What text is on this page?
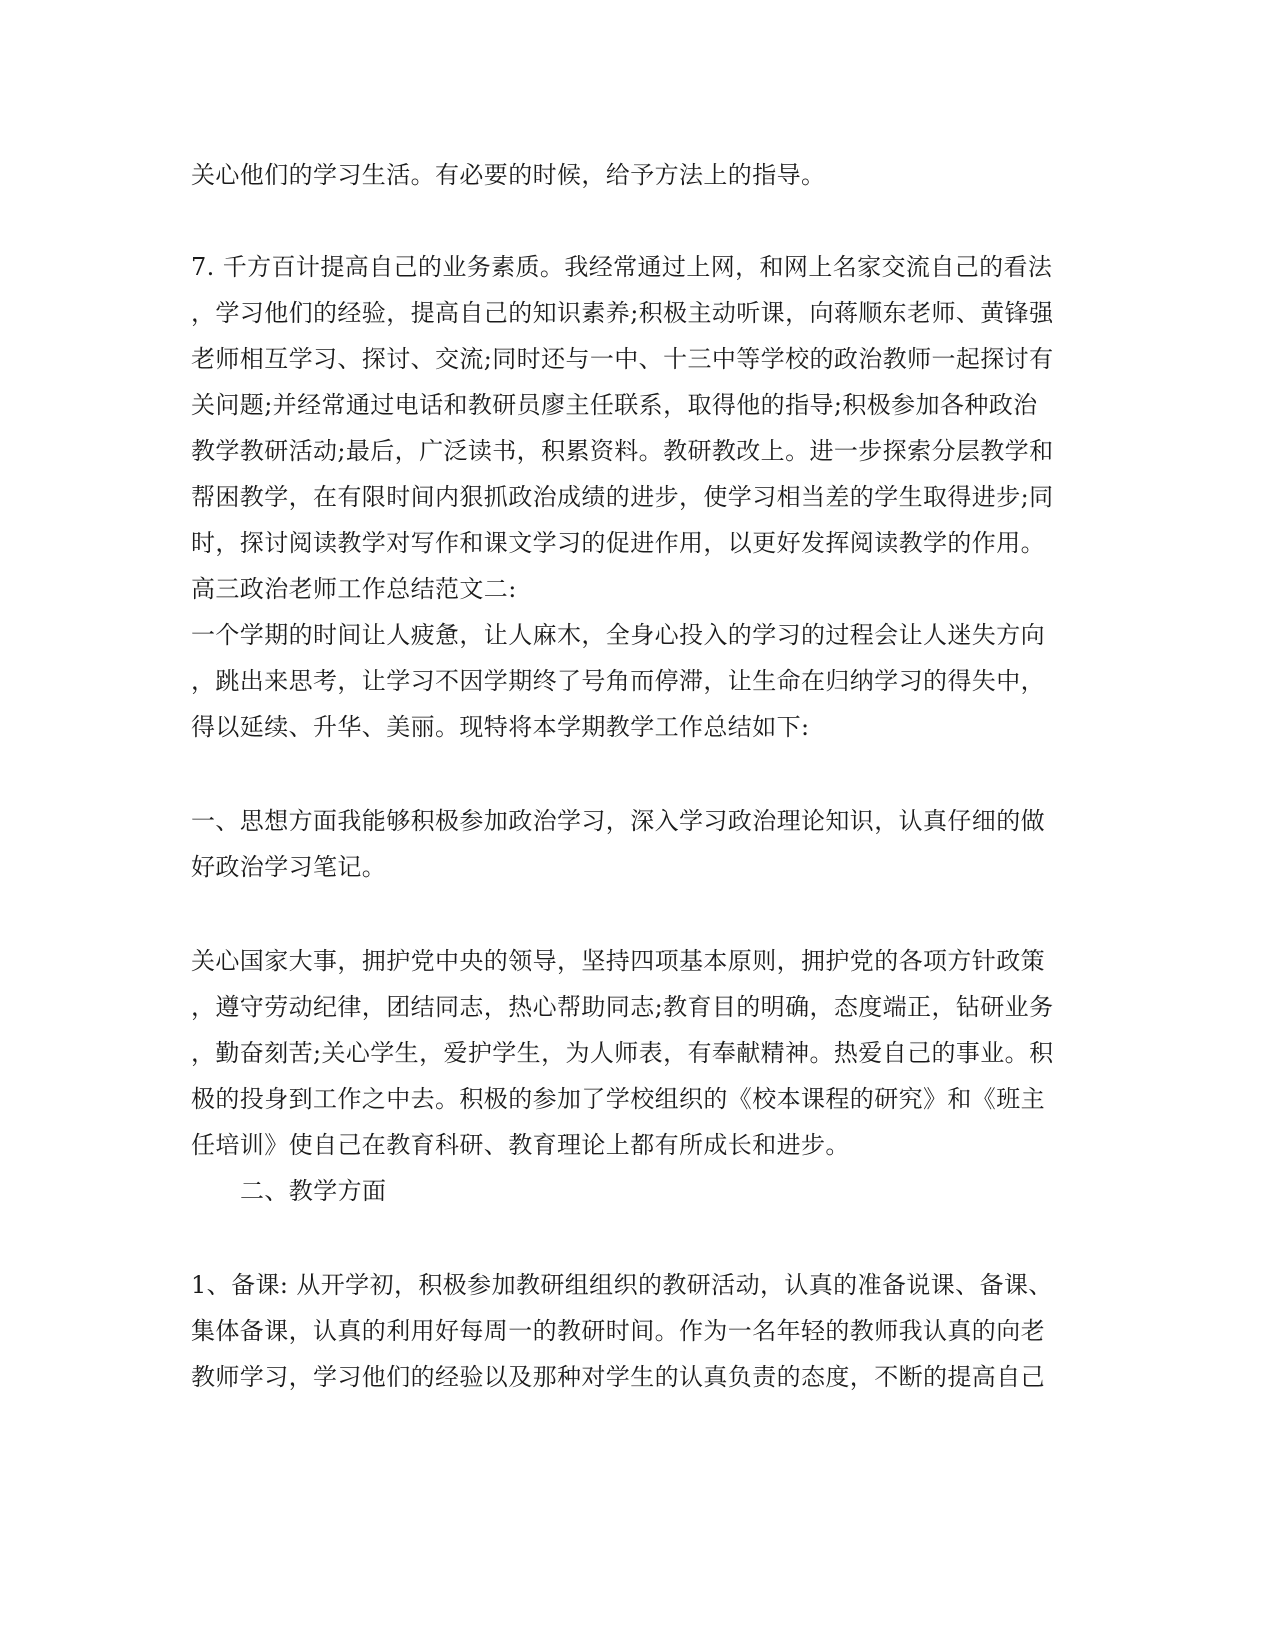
关心他们的学习生活。有必要的时候，给予方法上的指导。
7. 千方百计提高自己的业务素质。我经常通过上网，和网上名家交流自己的看法
，学习他们的经验，提高自己的知识素养;积极主动听课，向蒋顺东老师、黄锋强
老师相互学习、探讨、交流;同时还与一中、十三中等学校的政治教师一起探讨有
关问题;并经常通过电话和教研员廖主任联系，取得他的指导;积极参加各种政治
教学教研活动;最后，广泛读书，积累资料。教研教改上。进一步探索分层教学和
帮困教学，在有限时间内狠抓政治成绩的进步，使学习相当差的学生取得进步;同
时，探讨阅读教学对写作和课文学习的促进作用，以更好发挥阅读教学的作用。
高三政治老师工作总结范文二:
一个学期的时间让人疲惫，让人麻木，全身心投入的学习的过程会让人迷失方向
，跳出来思考，让学习不因学期终了号角而停滞，让生命在归纳学习的得失中，
得以延续、升华、美丽。现特将本学期教学工作总结如下:
一、思想方面我能够积极参加政治学习，深入学习政治理论知识，认真仔细的做
好政治学习笔记。
关心国家大事，拥护党中央的领导，坚持四项基本原则，拥护党的各项方针政策
，遵守劳动纪律，团结同志，热心帮助同志;教育目的明确，态度端正，钻研业务
，勤奋刻苦;关心学生，爱护学生，为人师表，有奉献精神。热爱自己的事业。积
极的投身到工作之中去。积极的参加了学校组织的《校本课程的研究》和《班主
任培训》使自己在教育科研、教育理论上都有所成长和进步。
二、教学方面
1、备课: 从开学初，积极参加教研组组织的教研活动，认真的准备说课、备课、
集体备课，认真的利用好每周一的教研时间。作为一名年轻的教师我认真的向老
教师学习，学习他们的经验以及那种对学生的认真负责的态度，不断的提高自己
